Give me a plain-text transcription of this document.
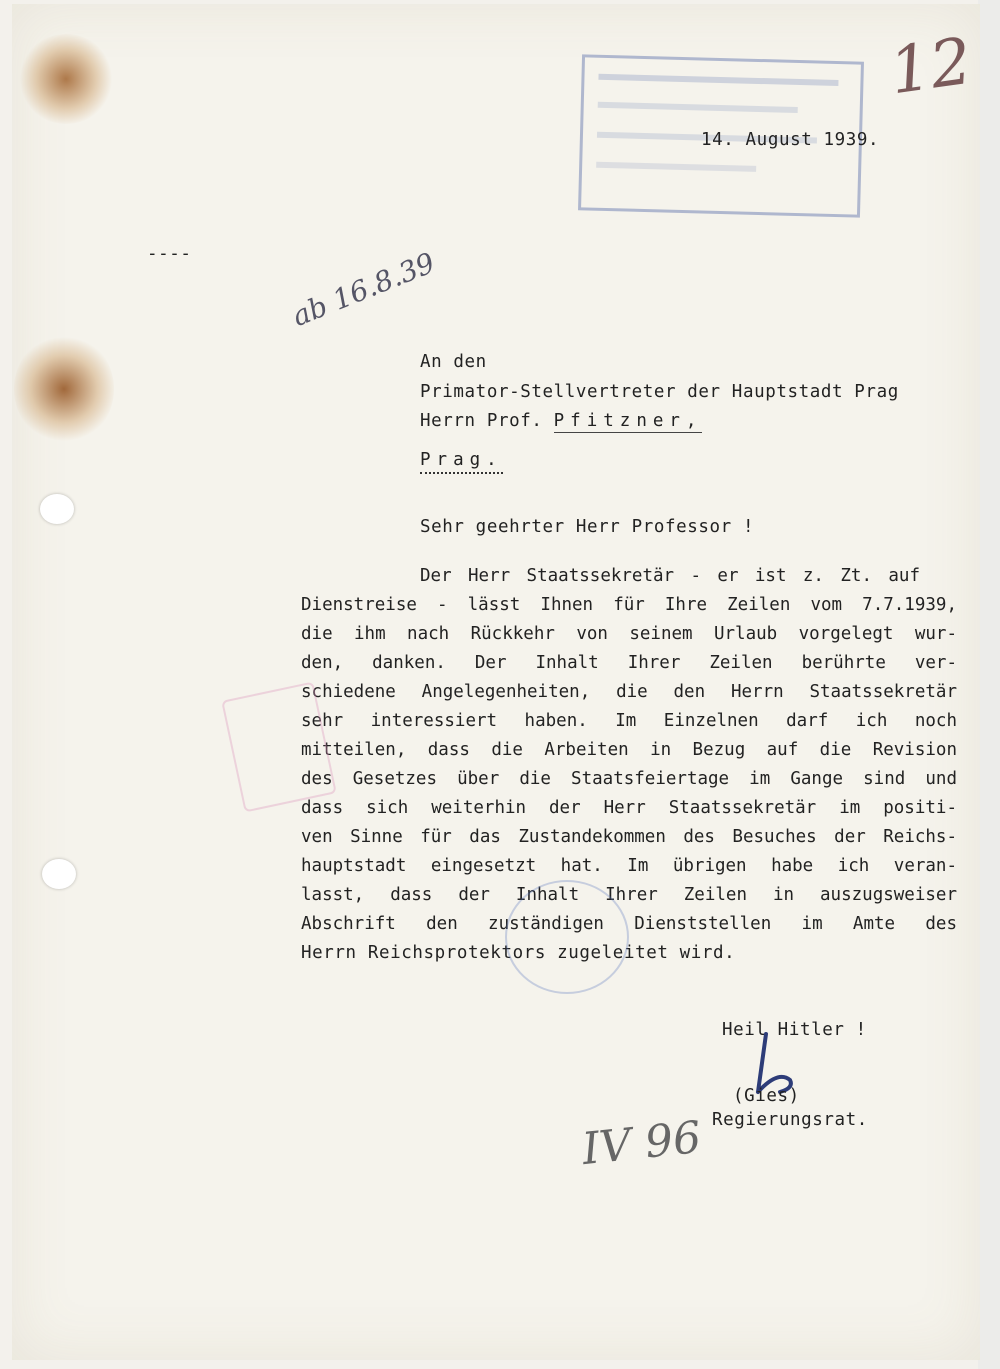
12
14. August 1939.
----	ab 16.8.39
An den
Primator-Stellvertreter der Hauptstadt Prag
Herrn Prof. Pfitzner,
Prag.
Sehr geehrter Herr Professor !
Der Herr Staatssekretär - er ist z. Zt. auf
Dienstreise - lässt Ihnen für Ihre Zeilen vom 7.7.1939,
die ihm nach Rückkehr von seinem Urlaub vorgelegt wur-
den, danken. Der Inhalt Ihrer Zeilen berührte ver-
schiedene Angelegenheiten, die den Herrn Staatssekretär
sehr interessiert haben. Im Einzelnen darf ich noch
mitteilen, dass die Arbeiten in Bezug auf die Revision
des Gesetzes über die Staatsfeiertage im Gange sind und
dass sich weiterhin der Herr Staatssekretär im positi-
ven Sinne für das Zustandekommen des Besuches der Reichs-
hauptstadt eingesetzt hat. Im übrigen habe ich veran-
lasst, dass der Inhalt Ihrer Zeilen in auszugsweiser
Abschrift den zuständigen Dienststellen im Amte des
Herrn Reichsprotektors zugeleitet wird.
Heil Hitler !
(Gies)
Regierungsrat.
IV 96
